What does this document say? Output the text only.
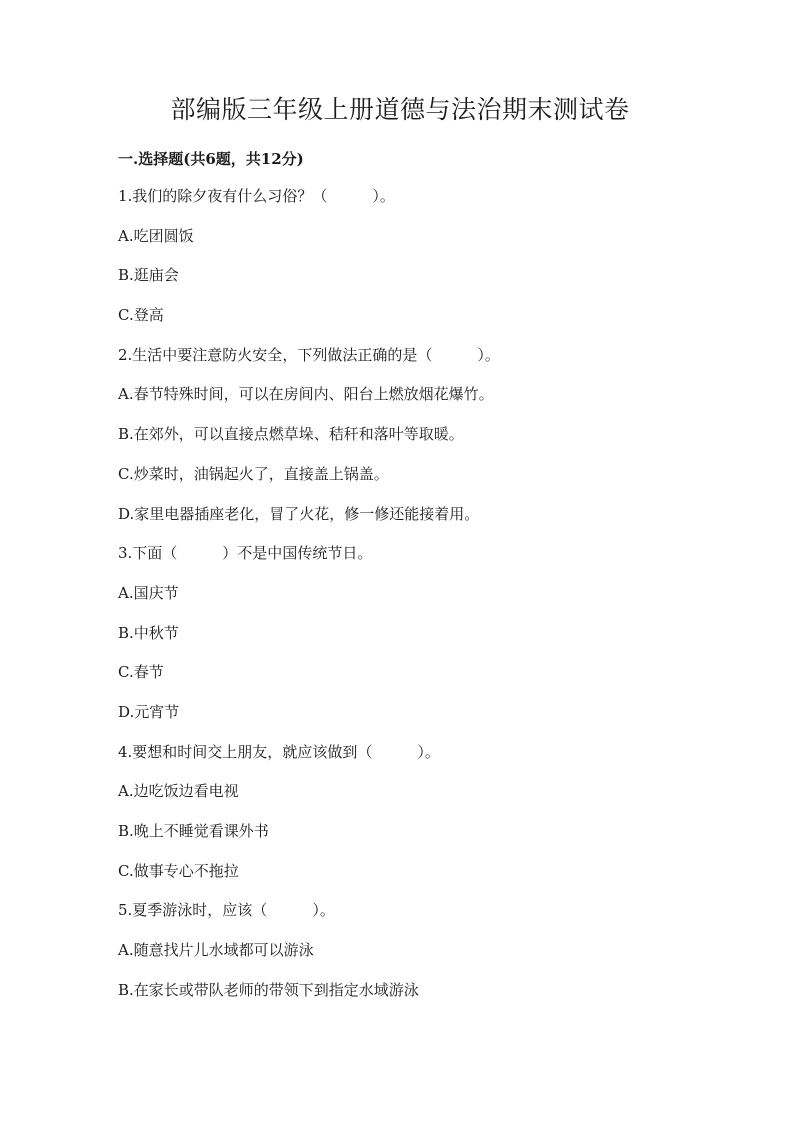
部编版三年级上册道德与法治期末测试卷
一.选择题(共6题，共12分)
1.我们的除夕夜有什么习俗？（　　　）。
A.吃团圆饭
B.逛庙会
C.登高
2.生活中要注意防火安全，下列做法正确的是（　　　）。
A.春节特殊时间，可以在房间内、阳台上燃放烟花爆竹。
B.在郊外，可以直接点燃草垛、秸秆和落叶等取暖。
C.炒菜时，油锅起火了，直接盖上锅盖。
D.家里电器插座老化，冒了火花，修一修还能接着用。
3.下面（　　　）不是中国传统节日。
A.国庆节
B.中秋节
C.春节
D.元宵节
4.要想和时间交上朋友，就应该做到（　　　）。
A.边吃饭边看电视
B.晚上不睡觉看课外书
C.做事专心不拖拉
5.夏季游泳时，应该（　　　）。
A.随意找片儿水域都可以游泳
B.在家长或带队老师的带领下到指定水域游泳
